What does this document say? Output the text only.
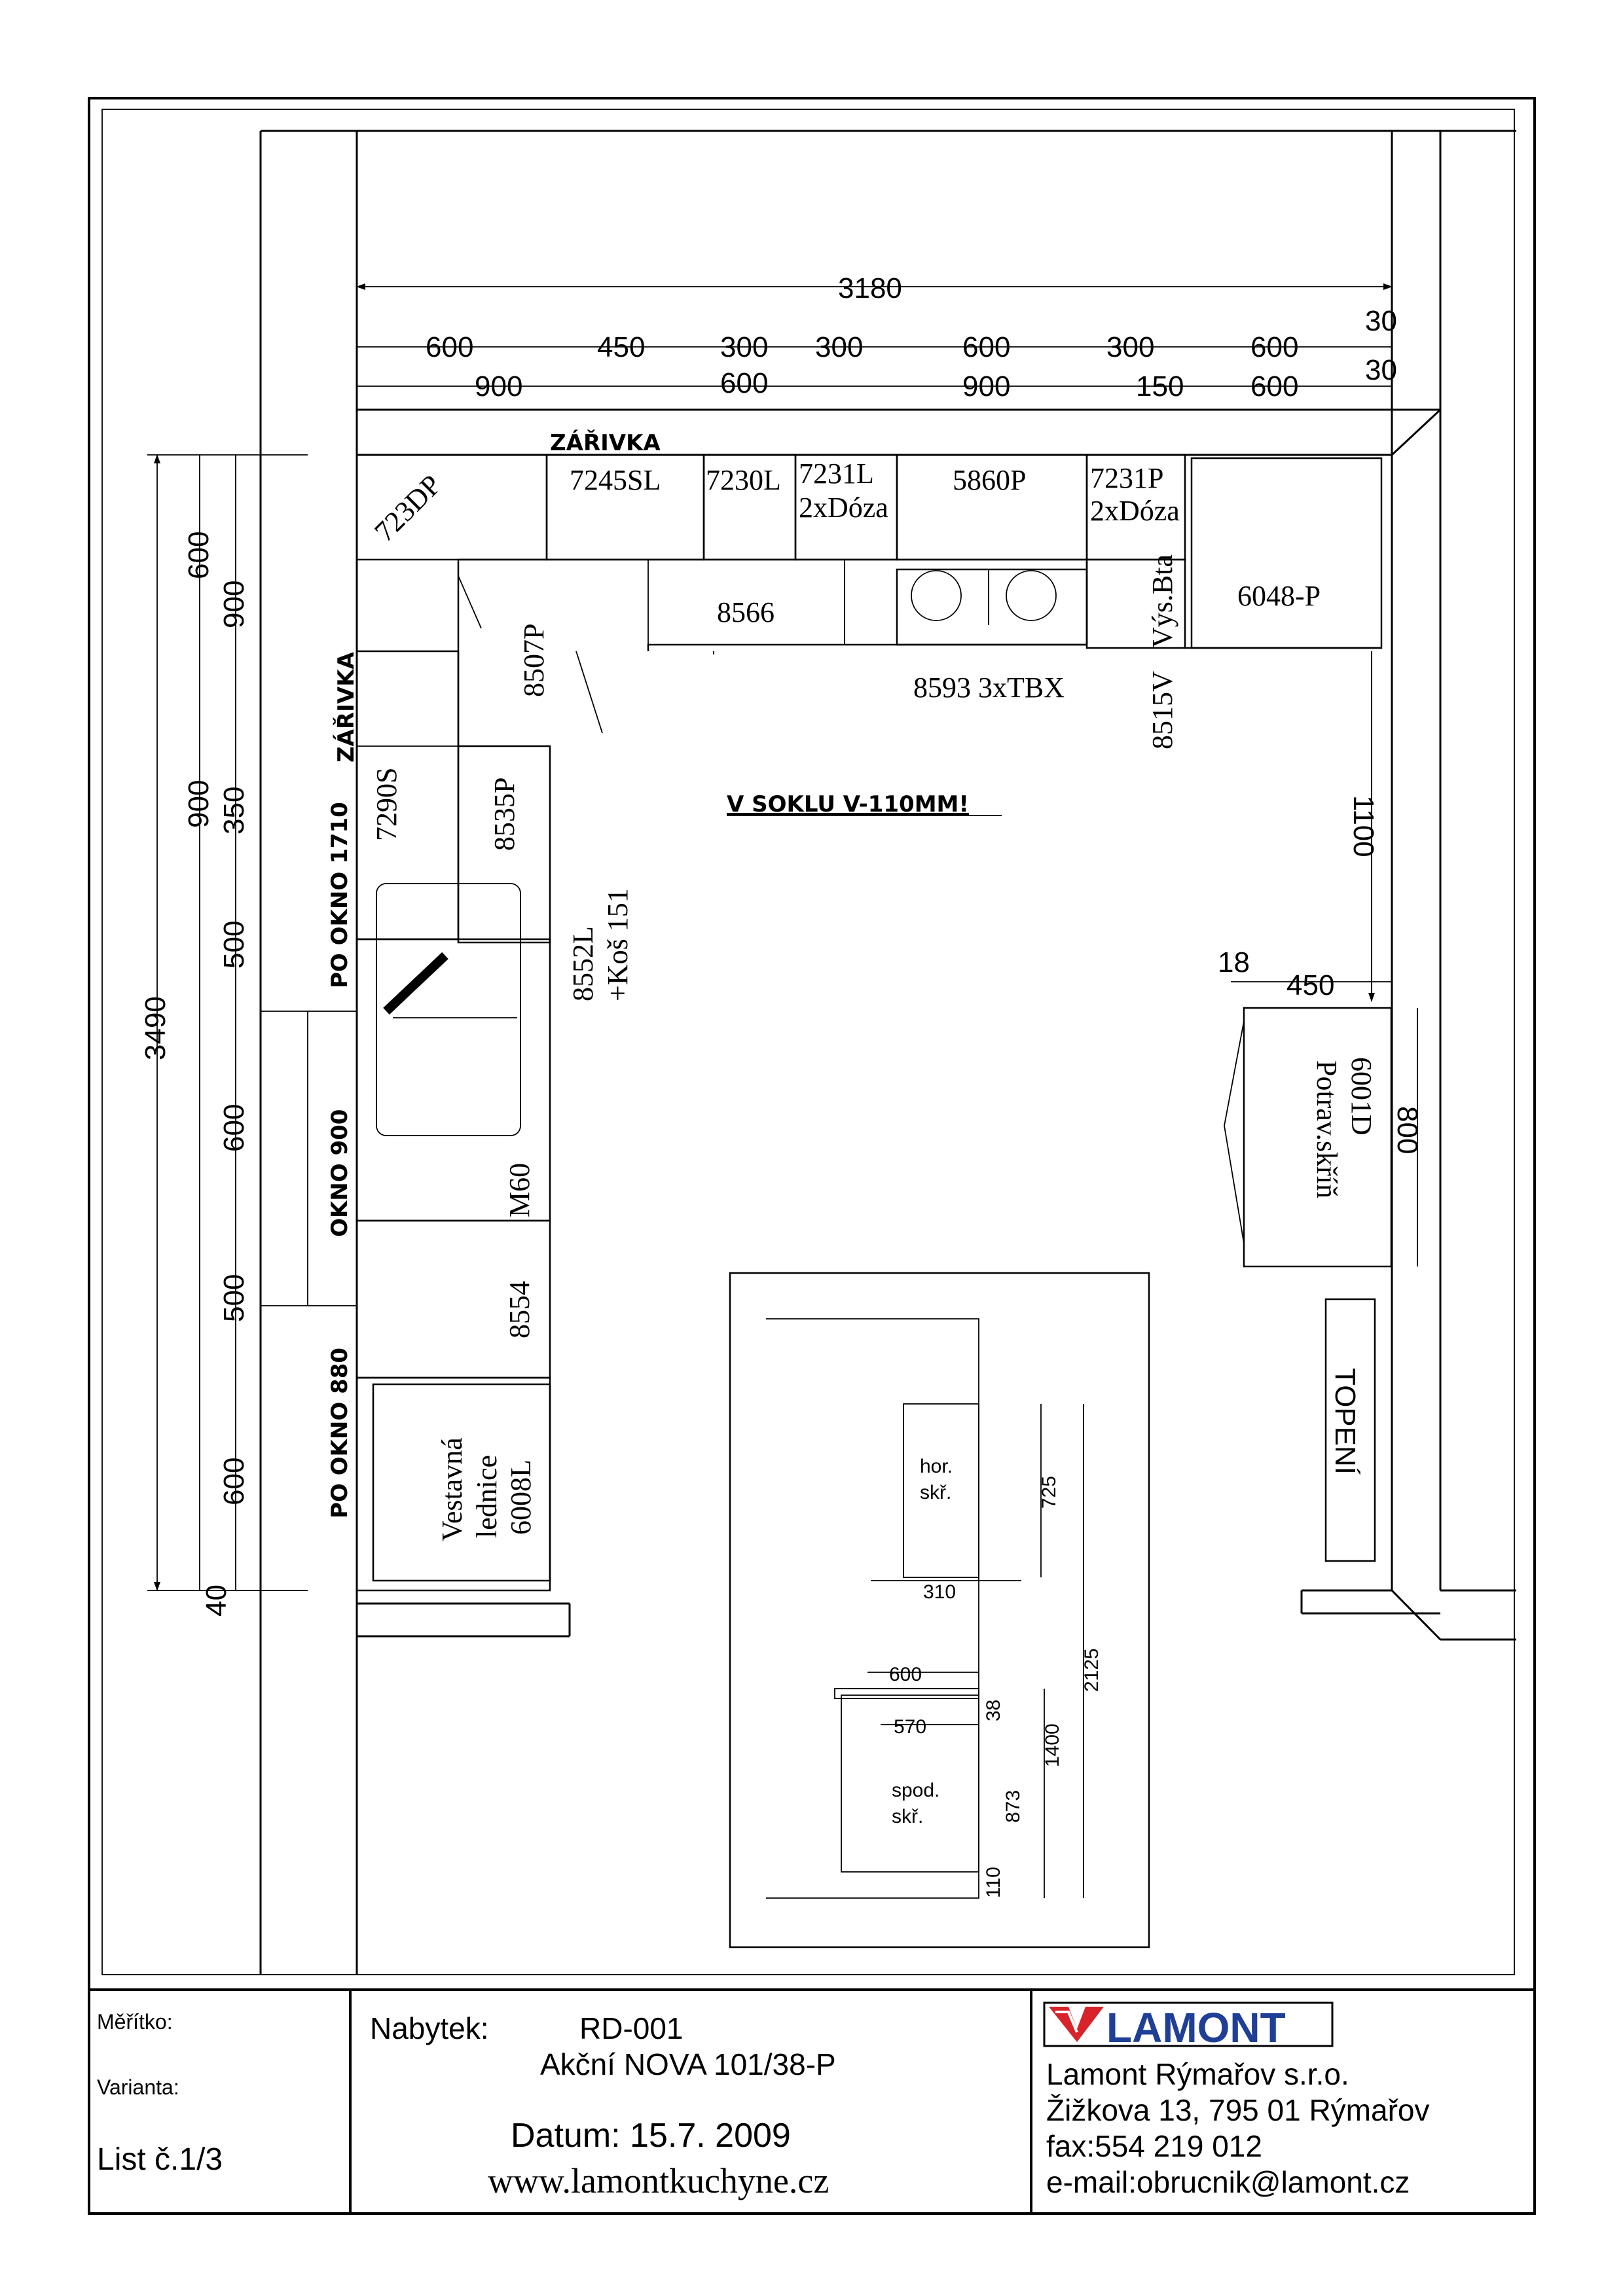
3180
600	450	300 300	600	300	600
900	600	900	150 600
30
30
3490
600
900
40
900
350
500
600
500
600
1100
18
450
800
ZÁŘIVKA
ZÁŘIVKA
PO OKNO 1710
OKNO 900
PO OKNO 880
V SOKLU V-110MM!
TOPENÍ
723DP	7245SL 7230L 7231L
2xDóza
5860P 7231P
2xDóza
6048-P
8566
8507P	8593 3xTBX	8515V
Výs.Bta
7290S	8535P
8552L +Koš 151
M60
8554
Vestavná lednice 6008L
6001D
Potrav.skříň
hor.
skř.
spod.
skř.
725
310
2125
600
38
570	1400
873
110
Měřítko:
Varianta:
List č.1/3
Nabytek:	RD-001
Akční NOVA 101/38-P
Datum: 15.7. 2009
www.lamontkuchyne.cz
LAMONT
Lamont Rýmařov s.r.o.
Žižkova 13, 795 01 Rýmařov
fax:554 219 012
e-mail:obrucnik@lamont.cz
